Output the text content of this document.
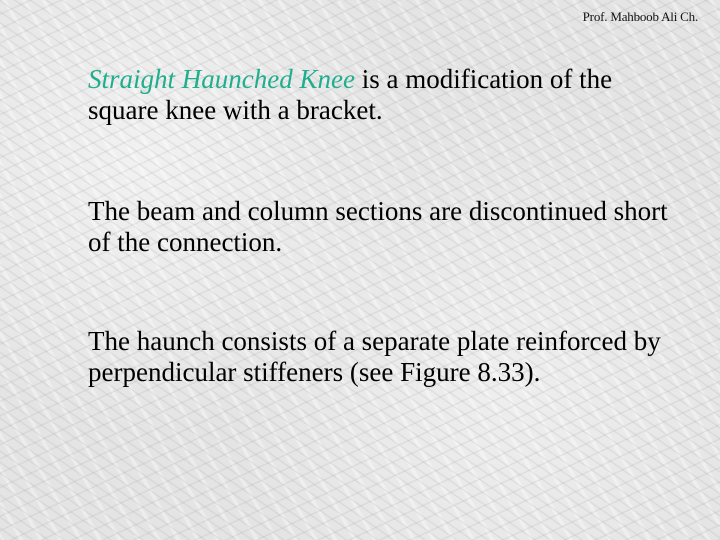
Prof. Mahboob Ali Ch.
Straight Haunched Knee is a modification of the square knee with a bracket.
The beam and column sections are discontinued short of the connection.
The haunch consists of a separate plate reinforced by perpendicular stiffeners (see Figure 8.33).
